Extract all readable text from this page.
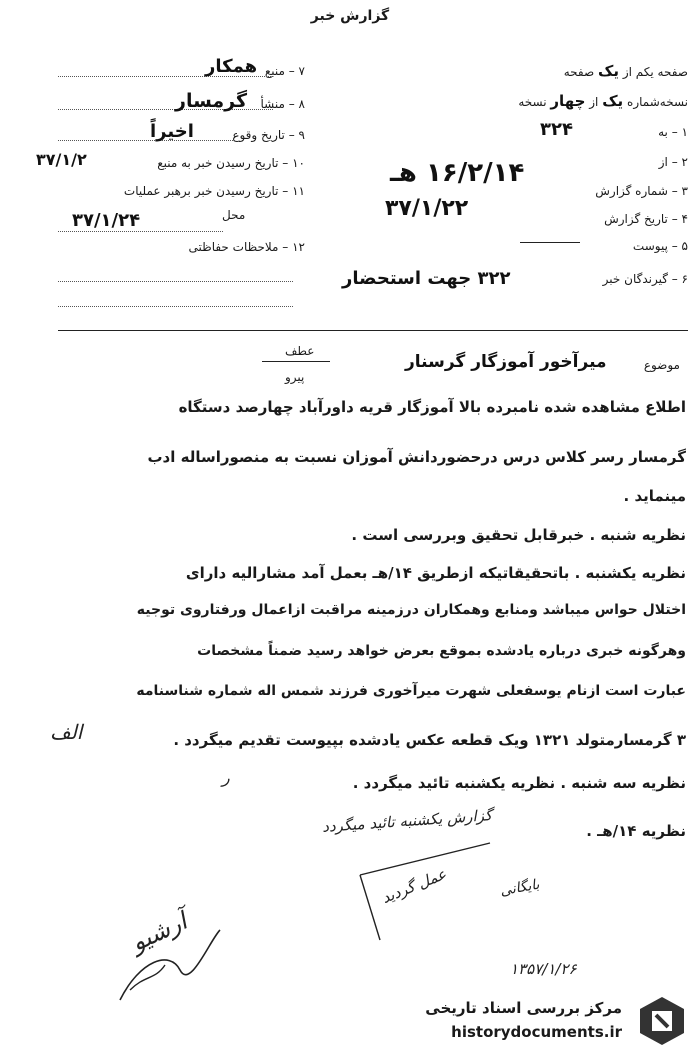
گزارش خبر
۷ – منبع
همکار
۸ – منشأ
گرمسار
۹ – تاریخ وقوع
اخیراً
۱۰ – تاریخ رسیدن خبر به منبع
۳۷/۱/۲
۱۱ – تاریخ رسیدن خبر برهبر عملیات
محل
۳۷/۱/۲۴
۱۲ – ملاحظات حفاظتی
صفحه یکم از یک صفحه
نسخه‌شماره یک از چهار نسخه
۱ – به
۳۲۴
۲ – از
۳ – شماره گزارش
۱۶/۲/۱۴ هـ
۴ – تاریخ گزارش
۳۷/۱/۲۲
۵ – پیوست
۶ – گیرندگان خبر
۳۲۲ جهت استحضار
موضوع
میرآخور آموزگار گرسنار
عطف
پیرو
اطلاع مشاهده شده نامبرده بالا آموزگار قریه داورآباد چهارصد دستگاه
گرمسار رسر کلاس درس درحضوردانش آموزان نسبت به منصوراساله ادب
مینماید .
نظریه شنبه . خبرقابل تحقیق وبررسی است .
نظریه یکشنبه . باتحقیقاتیکه ازطریق ۱۴/هـ بعمل آمد مشارالیه دارای
اختلال حواس میباشد ومنابع وهمکاران درزمینه مراقبت ازاعمال ورفتاروی توجیه
وهرگونه خبری درباره یادشده بموقع بعرض خواهد رسید ضمناً مشخصات
عبارت است ازنام یوسفعلی شهرت میرآخوری فرزند شمس اله شماره شناسنامه
۳ گرمسارمتولد ۱۳۲۱ ویک قطعه عکس یادشده بپیوست تقدیم میگردد .
نظریه سه شنبه . نظریه یکشنبه تائید میگردد .
نظریه ۱۴/هـ .
الف
ر
گزارش یکشنبه تائید میگردد
بایگانی
آرشیو
عمل گردید
۱۳۵۷/۱/۲۶
مرکز بررسی اسناد تاریخی
historydocuments.ir
